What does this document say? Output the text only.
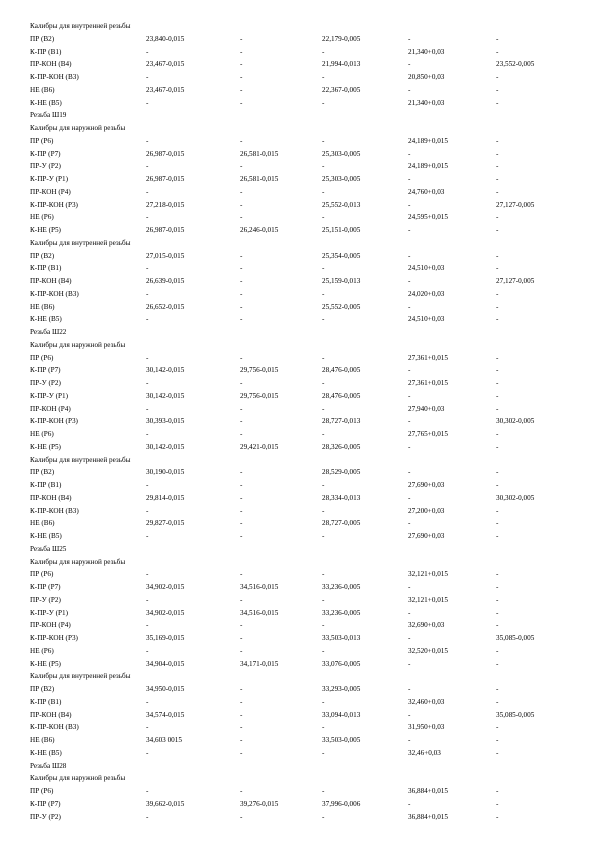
Калибры для внутренней резьбы
ПР (В2)	23,840-0,015	-	22,179-0,005	-	-
К-ПР (В1)	-	-	-	21,340+0,03	-
ПР-КОН (В4)	23,467-0,015	-	21,994-0,013	-	23,552-0,005
К-ПР-КОН (В3)	-	-	-	20,850+0,03	-
НЕ (В6)	23,467-0,015	-	22,367-0,005	-	-
К-НЕ (В5)	-	-	-	21,340+0,03	-
Резьба Ш19
Калибры для наружной резьбы
ПР (Р6)	-	-	-	24,189+0,015	-
К-ПР (Р7)	26,987-0,015	26,581-0,015	25,303-0,005	-	-
ПР-У (Р2)	-	-	-	24,189+0,015	-
К-ПР-У (Р1)	26,987-0,015	26,581-0,015	25,303-0,005	-	-
ПР-КОН (Р4)	-	-	-	24,760+0,03	-
К-ПР-КОН (Р3)	27,218-0,015	-	25,552-0,013	-	27,127-0,005
НЕ (Р6)	-	-	-	24,595+0,015	-
К-НЕ (Р5)	26,987-0,015	26,246-0,015	25,151-0,005	-	-
Калибры для внутренней резьбы
ПР (В2)	27,015-0,015	-	25,354-0,005	-	-
К-ПР (В1)	-	-	-	24,510+0,03	-
ПР-КОН (В4)	26,639-0,015	-	25,159-0,013	-	27,127-0,005
К-ПР-КОН (В3)	-	-	-	24,020+0,03	-
НЕ (В6)	26,652-0,015	-	25,552-0,005	-	-
К-НЕ (В5)	-	-	-	24,510+0,03	-
Резьба Ш22
Калибры для наружной резьбы
ПР (Р6)	-	-	-	27,361+0,015	-
К-ПР (Р7)	30,142-0,015	29,756-0,015	28,476-0,005	-	-
ПР-У (Р2)	-	-	-	27,361+0,015	-
К-ПР-У (Р1)	30,142-0,015	29,756-0,015	28,476-0,005	-	-
ПР-КОН (Р4)	-	-	-	27,940+0,03	-
К-ПР-КОН (Р3)	30,393-0,015	-	28,727-0,013	-	30,302-0,005
НЕ (Р6)	-	-	-	27,765+0,015	-
К-НЕ (Р5)	30,142-0,015	29,421-0,015	28,326-0,005	-	-
Калибры для внутренней резьбы
ПР (В2)	30,190-0,015	-	28,529-0,005	-	-
К-ПР (В1)	-	-	-	27,690+0,03	-
ПР-КОН (В4)	29,814-0,015	-	28,334-0,013	-	30,302-0,005
К-ПР-КОН (В3)	-	-	-	27,200+0,03	-
НЕ (В6)	29,827-0,015	-	28,727-0,005	-	-
К-НЕ (В5)	-	-	-	27,690+0,03	-
Резьба Ш25
Калибры для наружной резьбы
ПР (Р6)	-	-	-	32,121+0,015	-
К-ПР (Р7)	34,902-0,015	34,516-0,015	33,236-0,005	-	-
ПР-У (Р2)	-	-	-	32,121+0,015	-
К-ПР-У (Р1)	34,902-0,015	34,516-0,015	33,236-0,005	-	-
ПР-КОН (Р4)	-	-	-	32,690+0,03	-
К-ПР-КОН (Р3)	35,169-0,015	-	33,503-0,013	-	35,085-0,005
НЕ (Р6)	-	-	-	32,520+0,015	-
К-НЕ (Р5)	34,904-0,015	34,171-0,015	33,076-0,005	-	-
Калибры для внутренней резьбы
ПР (В2)	34,950-0,015	-	33,293-0,005	-	-
К-ПР (В1)	-	-	-	32,460+0,03	-
ПР-КОН (В4)	34,574-0,015	-	33,094-0,013	-	35,085-0,005
К-ПР-КОН (В3)	-	-	-	31,950+0,03	-
НЕ (В6)	34,603 0015	-	33,503-0,005	-	-
К-НЕ (В5)	-	-	-	32,46+0,03	-
Резьба Ш28
Калибры для наружной резьбы
ПР (Р6)	-	-	-	36,884+0,015	-
К-ПР (Р7)	39,662-0,015	39,276-0,015	37,996-0,006	-	-
ПР-У (Р2)	-	-	-	36,884+0,015	-
